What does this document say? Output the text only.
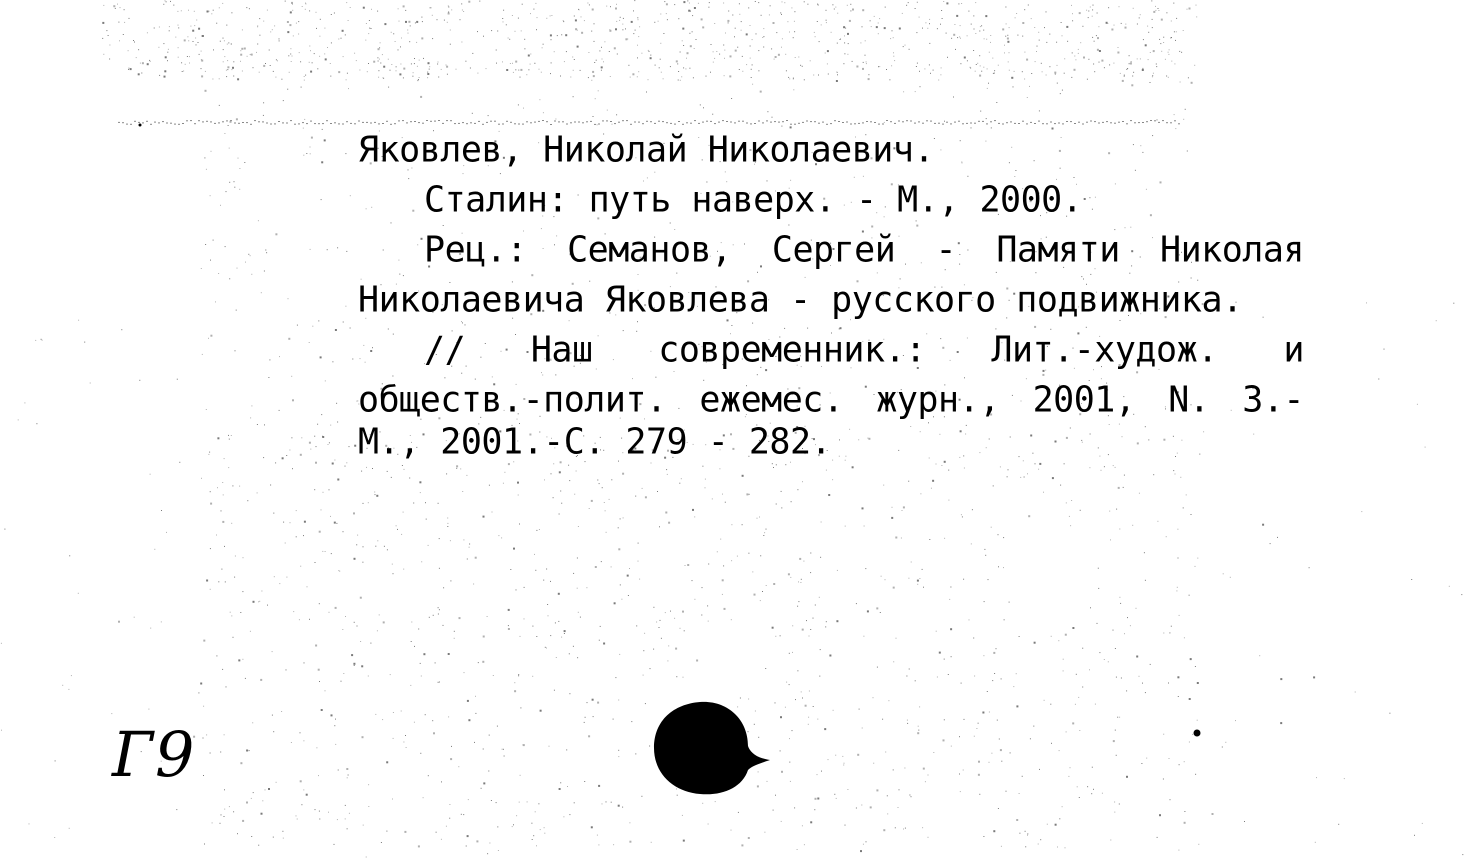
Яковлев, Николай Николаевич.
Сталин: путь наверх. - М., 2000.
Рец.: Семанов, Сергей - Памяти Николая
Николаевича Яковлева - русского подвижника.
// Наш современник.: Лит.-худож. и
обществ.-полит. ежемес. журн., 2001, N. 3.-
М., 2001.-С. 279 - 282.
Г9
